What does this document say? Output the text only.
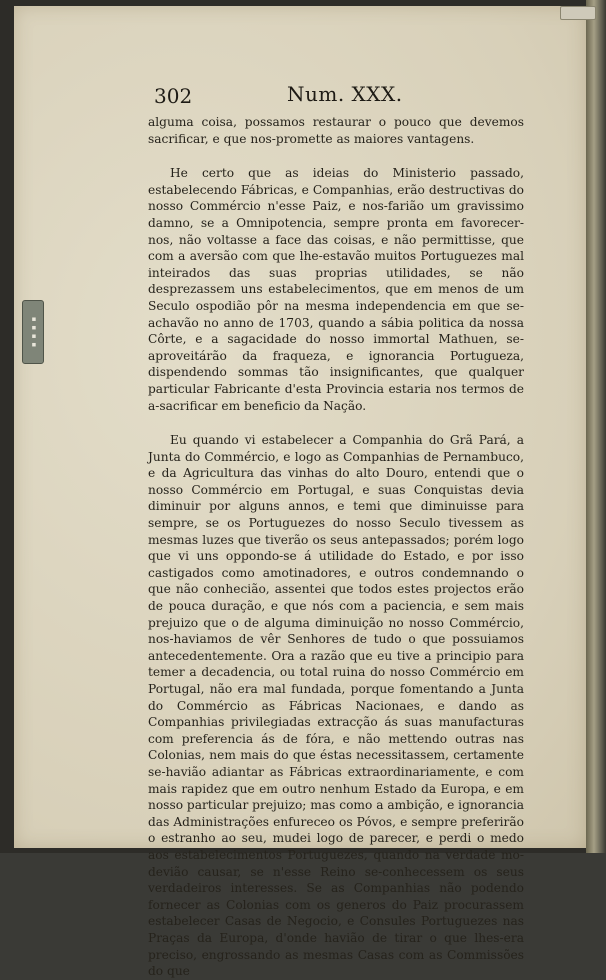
▪▪▪▪
302	Num. XXX.

alguma coisa, possamos restaurar o pouco que devemos sacrificar, e que nos-promette as maiores vantagens.

He certo que as ideias do Ministerio passado, estabelecendo Fábricas, e Companhias, erão destructivas do nosso Commércio n'esse Paiz, e nos-farião um gravissimo damno, se a Omnipotencia, sempre pronta em favorecer-nos, não voltasse a face das coisas, e não permittisse, que com a aversão com que lhe-estavão muitos Portuguezes mal inteirados das suas proprias utilidades, se não desprezassem uns estabelecimentos, que em menos de um Seculo ospodião pôr na mesma independencia em que se-achavão no anno de 1703, quando a sábia politica da nossa Côrte, e a sagacidade do nosso immortal Mathuen, se-aproveitárão da fraqueza, e ignorancia Portugueza, dispendendo sommas tão insignificantes, que qualquer particular Fabricante d'esta Provincia estaria nos termos de a-sacrificar em beneficio da Nação.

Eu quando vi estabelecer a Companhia do Grã Pará, a Junta do Commércio, e logo as Companhias de Pernambuco, e da Agricultura das vinhas do alto Douro, entendi que o nosso Commércio em Portugal, e suas Conquistas devia diminuir por alguns annos, e temi que diminuisse para sempre, se os Portuguezes do nosso Seculo tivessem as mesmas luzes que tiverão os seus antepassados; porém logo que vi uns oppondo-se á utilidade do Estado, e por isso castigados como amotinadores, e outros condemnando o que não conhecião, assentei que todos estes projectos erão de pouca duração, e que nós com a paciencia, e sem mais prejuizo que o de alguma diminuição no nosso Commércio, nos-haviamos de vêr Senhores de tudo o que possuiamos antecedentemente. Ora a razão que eu tive a principio para temer a decadencia, ou total ruina do nosso Commércio em Portugal, não era mal fundada, porque fomentando a Junta do Commércio as Fábricas Nacionaes, e dando as Companhias privilegiadas extracção ás suas manufacturas com preferencia ás de fóra, e não mettendo outras nas Colonias, nem mais do que éstas necessitassem, certamente se-havião adiantar as Fábricas extraordinariamente, e com mais rapidez que em outro nenhum Estado da Europa, e em nosso particular prejuizo; mas como a ambição, e ignorancia das Administrações enfureceo os Póvos, e sempre preferirão o estranho ao seu, mudei logo de parecer, e perdi o medo aos estabelecimentos Portuguezes, quando na verdade mo-devião causar, se n'esse Reino se-conhecessem os seus verdadeiros interesses. Se as Companhias não podendo fornecer as Colonias com os generos do Paiz procurassem estabelecer Casas de Negocio, e Consules Portuguezes nas Praças da Europa, d'onde havião de tirar o que lhes-era preciso, engrossando as mesmas Casas com as Commissões do que
